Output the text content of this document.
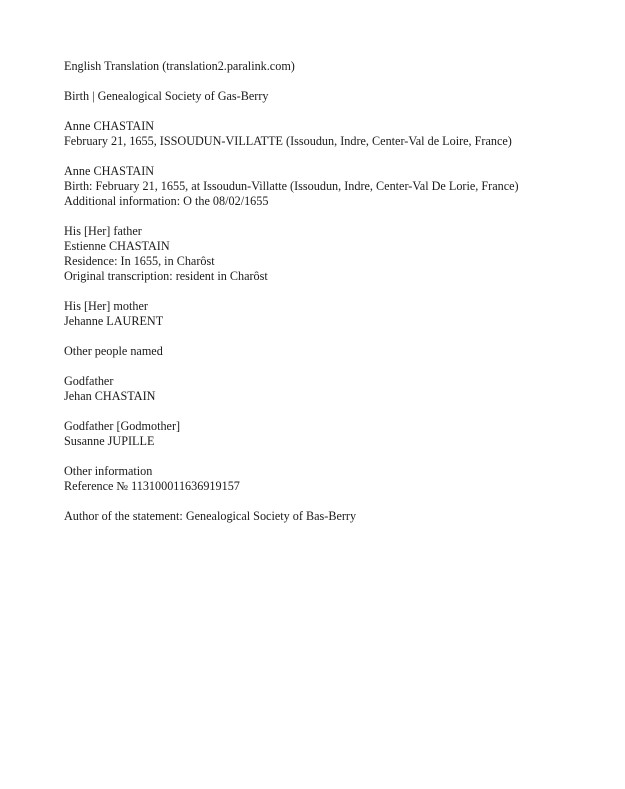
English Translation (translation2.paralink.com)
Birth | Genealogical Society of Gas-Berry
Anne CHASTAIN
February 21, 1655, ISSOUDUN-VILLATTE (Issoudun, Indre, Center-Val de Loire, France)
Anne CHASTAIN
Birth: February 21, 1655, at Issoudun-Villatte (Issoudun, Indre, Center-Val De Lorie, France)
Additional information: O the 08/02/1655
His [Her] father
Estienne CHASTAIN
Residence: In 1655, in Charôst
Original transcription: resident in Charôst
His [Her] mother
Jehanne LAURENT
Other people named
Godfather
Jehan CHASTAIN
Godfather [Godmother]
Susanne JUPILLE
Other information
Reference № 113100011636919157
Author of the statement: Genealogical Society of Bas-Berry
